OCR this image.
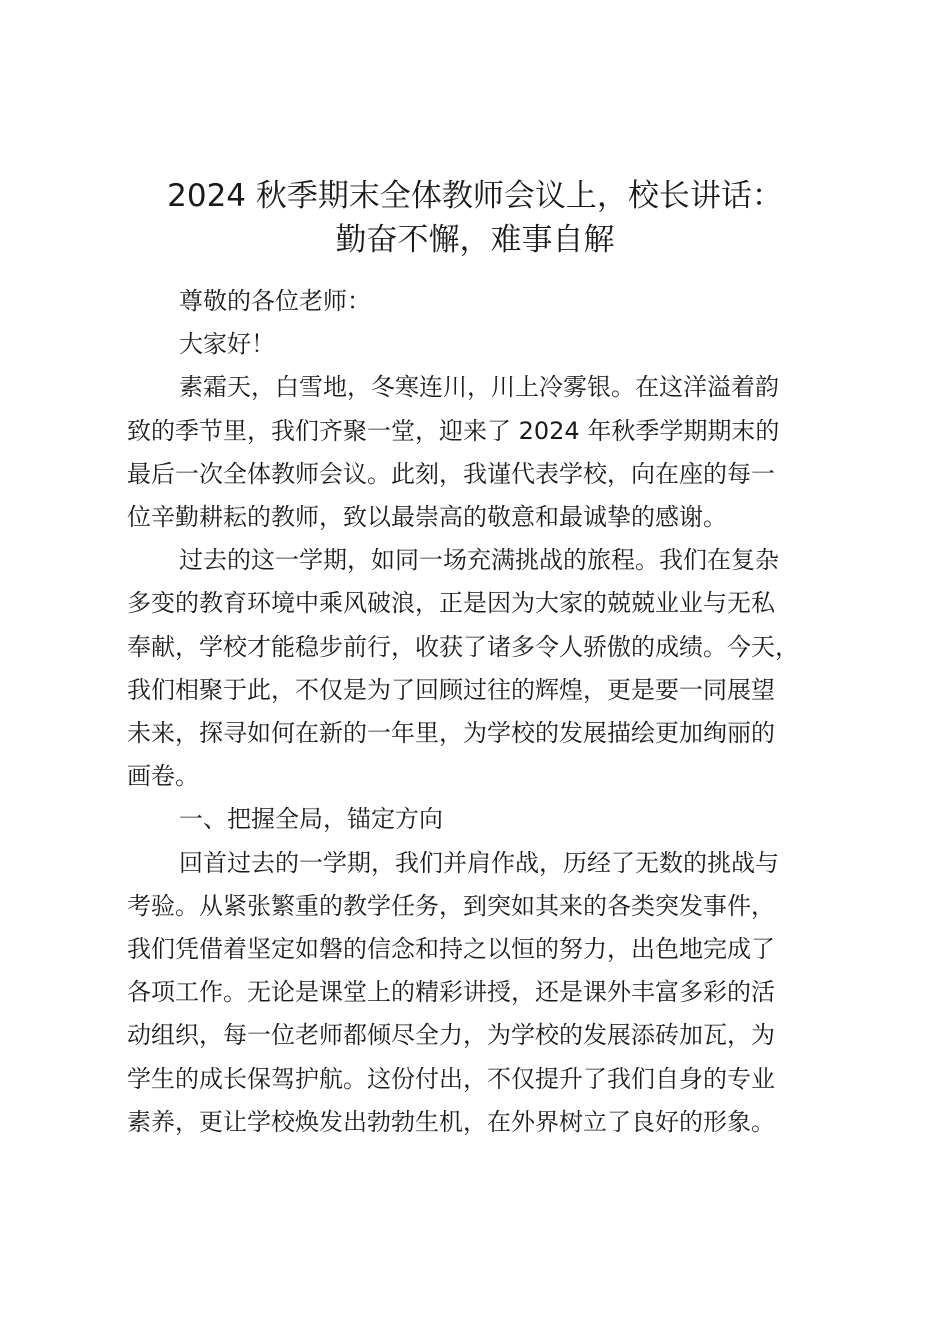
2024 秋季期末全体教师会议上，校长讲话：
勤奋不懈，难事自解

尊敬的各位老师：

大家好！

素霜天，白雪地，冬寒连川，川上冷雾银。在这洋溢着韵
致的季节里，我们齐聚一堂，迎来了 2024 年秋季学期期末的
最后一次全体教师会议。此刻，我谨代表学校，向在座的每一
位辛勤耕耘的教师，致以最崇高的敬意和最诚挚的感谢。
过去的这一学期，如同一场充满挑战的旅程。我们在复杂
多变的教育环境中乘风破浪，正是因为大家的兢兢业业与无私
奉献，学校才能稳步前行，收获了诸多令人骄傲的成绩。今天，
我们相聚于此，不仅是为了回顾过往的辉煌，更是要一同展望
未来，探寻如何在新的一年里，为学校的发展描绘更加绚丽的
画卷。

一、把握全局，锚定方向

回首过去的一学期，我们并肩作战，历经了无数的挑战与
考验。从紧张繁重的教学任务，到突如其来的各类突发事件，
我们凭借着坚定如磐的信念和持之以恒的努力，出色地完成了
各项工作。无论是课堂上的精彩讲授，还是课外丰富多彩的活
动组织，每一位老师都倾尽全力，为学校的发展添砖加瓦，为
学生的成长保驾护航。这份付出，不仅提升了我们自身的专业
素养，更让学校焕发出勃勃生机，在外界树立了良好的形象。
